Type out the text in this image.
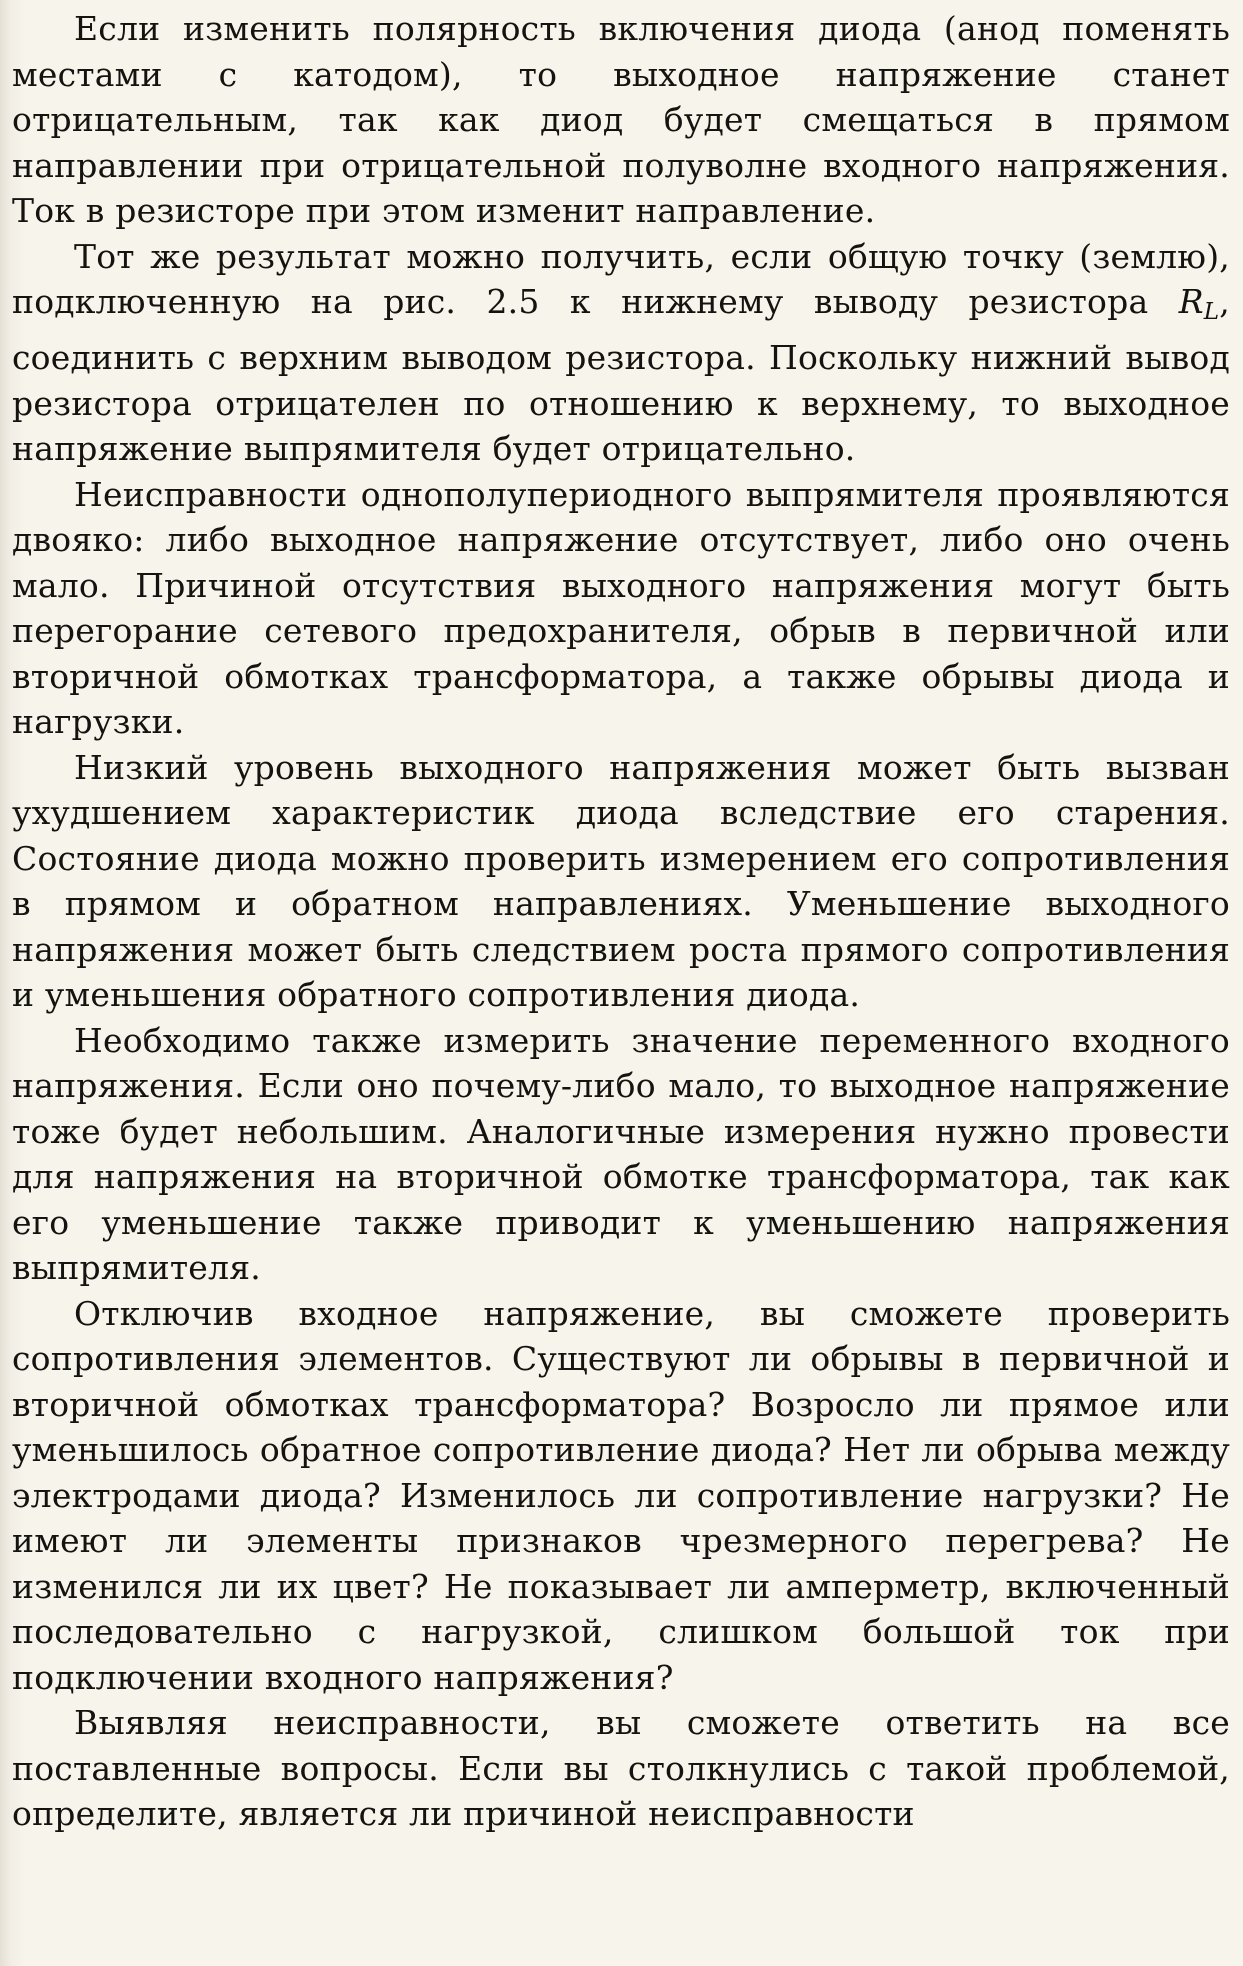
Если изменить полярность включения диода (анод поменять местами с катодом), то выходное напряжение станет отрицательным, так как диод будет смещаться в прямом направлении при отрицательной полуволне входного напряжения. Ток в резисторе при этом изменит направление.

Тот же результат можно получить, если общую точку (землю), подключенную на рис. 2.5 к нижнему выводу резистора $R_L$, соединить с верхним выводом резистора. Поскольку нижний вывод резистора отрицателен по отношению к верхнему, то выходное напряжение выпрямителя будет отрицательно.

Неисправности однополупериодного выпрямителя проявляются двояко: либо выходное напряжение отсутствует, либо оно очень мало. Причиной отсутствия выходного напряжения могут быть перегорание сетевого предохранителя, обрыв в первичной или вторичной обмотках трансформатора, а также обрывы диода и нагрузки.

Низкий уровень выходного напряжения может быть вызван ухудшением характеристик диода вследствие его старения. Состояние диода можно проверить измерением его сопротивления в прямом и обратном направлениях. Уменьшение выходного напряжения может быть следствием роста прямого сопротивления и уменьшения обратного сопротивления диода.

Необходимо также измерить значение переменного входного напряжения. Если оно почему-либо мало, то выходное напряжение тоже будет небольшим. Аналогичные измерения нужно провести для напряжения на вторичной обмотке трансформатора, так как его уменьшение также приводит к уменьшению напряжения выпрямителя.

Отключив входное напряжение, вы сможете проверить сопротивления элементов. Существуют ли обрывы в первичной и вторичной обмотках трансформатора? Возросло ли прямое или уменьшилось обратное сопротивление диода? Нет ли обрыва между электродами диода? Изменилось ли сопротивление нагрузки? Не имеют ли элементы признаков чрезмерного перегрева? Не изменился ли их цвет? Не показывает ли амперметр, включенный последовательно с нагрузкой, слишком большой ток при подключении входного напряжения?

Выявляя неисправности, вы сможете ответить на все поставленные вопросы. Если вы столкнулись с такой проблемой, определите, является ли причиной неисправности
